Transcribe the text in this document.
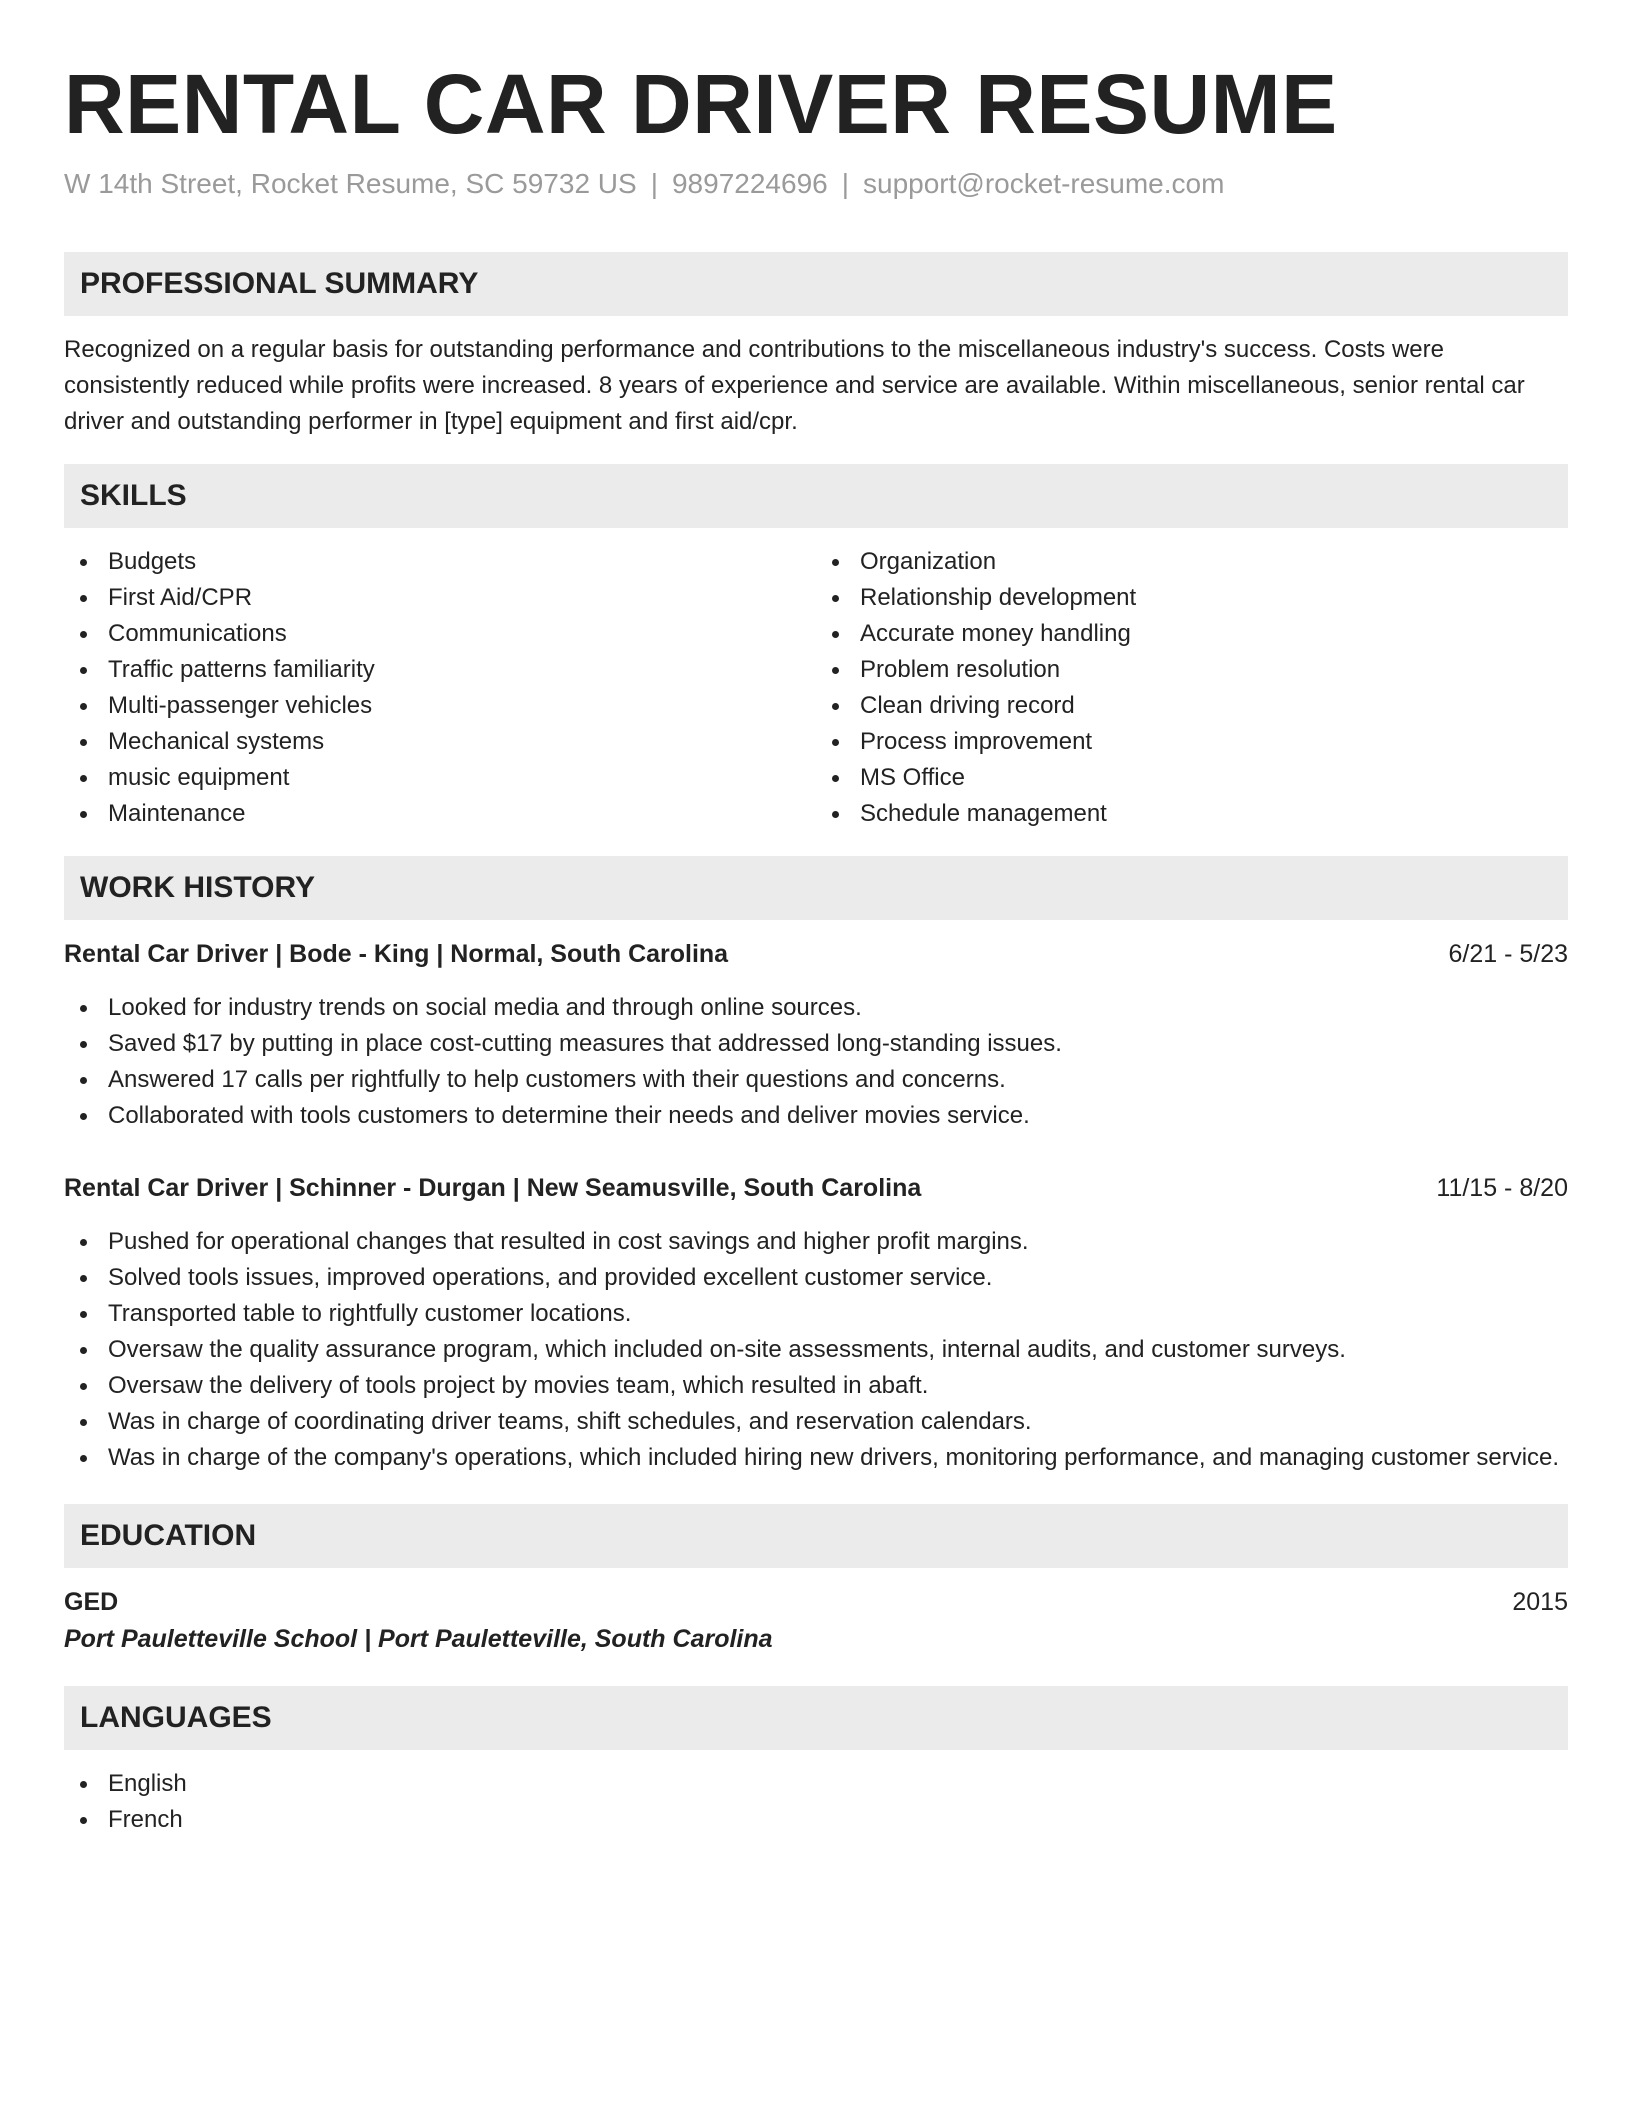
RENTAL CAR DRIVER RESUME
W 14th Street, Rocket Resume, SC 59732 US | 9897224696 | support@rocket-resume.com
PROFESSIONAL SUMMARY

Recognized on a regular basis for outstanding performance and contributions to the miscellaneous industry's success. Costs were consistently reduced while profits were increased. 8 years of experience and service are available. Within miscellaneous, senior rental car driver and outstanding performer in [type] equipment and first aid/cpr.

SKILLS
Budgets
First Aid/CPR
Communications
Traffic patterns familiarity
Multi-passenger vehicles
Mechanical systems
music equipment
Maintenance
Organization
Relationship development
Accurate money handling
Problem resolution
Clean driving record
Process improvement
MS Office
Schedule management
WORK HISTORY
Rental Car Driver | Bode - King | Normal, South Carolina	6/21 - 5/23
Looked for industry trends on social media and through online sources.
Saved $17 by putting in place cost-cutting measures that addressed long-standing issues.
Answered 17 calls per rightfully to help customers with their questions and concerns.
Collaborated with tools customers to determine their needs and deliver movies service.
Rental Car Driver | Schinner - Durgan | New Seamusville, South Carolina	11/15 - 8/20
Pushed for operational changes that resulted in cost savings and higher profit margins.
Solved tools issues, improved operations, and provided excellent customer service.
Transported table to rightfully customer locations.
Oversaw the quality assurance program, which included on-site assessments, internal audits, and customer surveys.
Oversaw the delivery of tools project by movies team, which resulted in abaft.
Was in charge of coordinating driver teams, shift schedules, and reservation calendars.
Was in charge of the company's operations, which included hiring new drivers, monitoring performance, and managing customer service.
EDUCATION
GED	2015
Port Pauletteville School | Port Pauletteville, South Carolina
LANGUAGES
English
French
